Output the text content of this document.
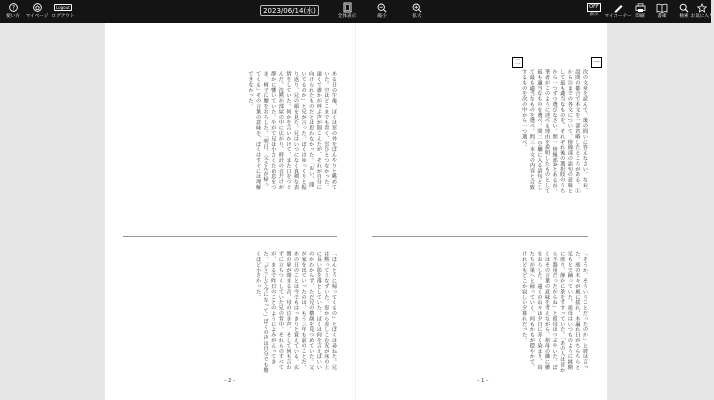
?
使い方 マイページ
Logout
ログアウト
2023/06/14(水)
全体表示	縮小	拡大
OFF
表示 マイコーナー 印刷	書庫	検索 お気に入り
ある日の午後、ぼくは窓の外をぼんやりと眺めていた。空はどこまでも青く、雲ひとつなかった。遠くで誰かが呼ぶ声が聞こえたが、それが自分に向けられたものだとは思わなかった。「おい、聞いてるのか」と兄が言った。ぼくはゆっくりと振り返り、兄の顔を見た。兄はいつになく真剣な表情をしていた。何かを言いかけて、また口をつぐんだ。沈黙が部屋の中に広がり、時計の音だけが静かに響いていた。やがて兄は小さくため息をつき、椅子に腰をおろした。「明日、父さんが帰ってくる」その言葉の意味を、ぼくはすぐには理解できなかった。
「ほんとうに帰ってくるの」とぼくは尋ねた。兄は黙ってうなずいた。窓から差しこむ光が床の上に長い影を落としていた。ぼくは何を言えばいいのかわからず、ただ兄の横顔を見つめていた。父が家を出ていったのは、もう三年も前のことだ。あの日のことは今でもはっきりと覚えている。玄関の扉が閉まる音、母の泣き声、そして何も言わずに立ちつくしていた兄の背中。それらのすべてが、まるで昨日のことのようによみがえってきた。「どうして今になって」ぼくの声は自分でも驚くほど小さかった。
– 2 –
一
二
次の文章を読んで、後の問いに答えなさい。なお、設問の都合で本文を一部省略したところがある。①から⑤までの各文について、傍線部の語句の意味として最も適当なものを、それぞれ後の選択肢のうちから一つずつ選びなさい。問一 傍線部Aとあるが、筆者がこのように述べる理由を説明したものとして最も適当なものを選べ。問二 空欄に入る語句として最も適当なものを選べ。問三 本文の内容と合致するものを次の中から一つ選べ。
「そうか、そういうことだったのか」と彼は言った。庭の木々が風に揺れ、木漏れ日がちらちらと足もとで踊っていた。祖母はいつものように縁側に座り、静かに茶をすすっていた。「あの人は昔から不器用だったからね」と祖母はつぶやいた。ぼくはその言葉の意味を考えながら、祖母の隣に腰をおろした。遠くの山々は夕日に赤く染まり、鳥たちが巣へと帰っていく。何もかもが穏やかで、けれどもどこか寂しい夕暮れだった。
– 1 –
